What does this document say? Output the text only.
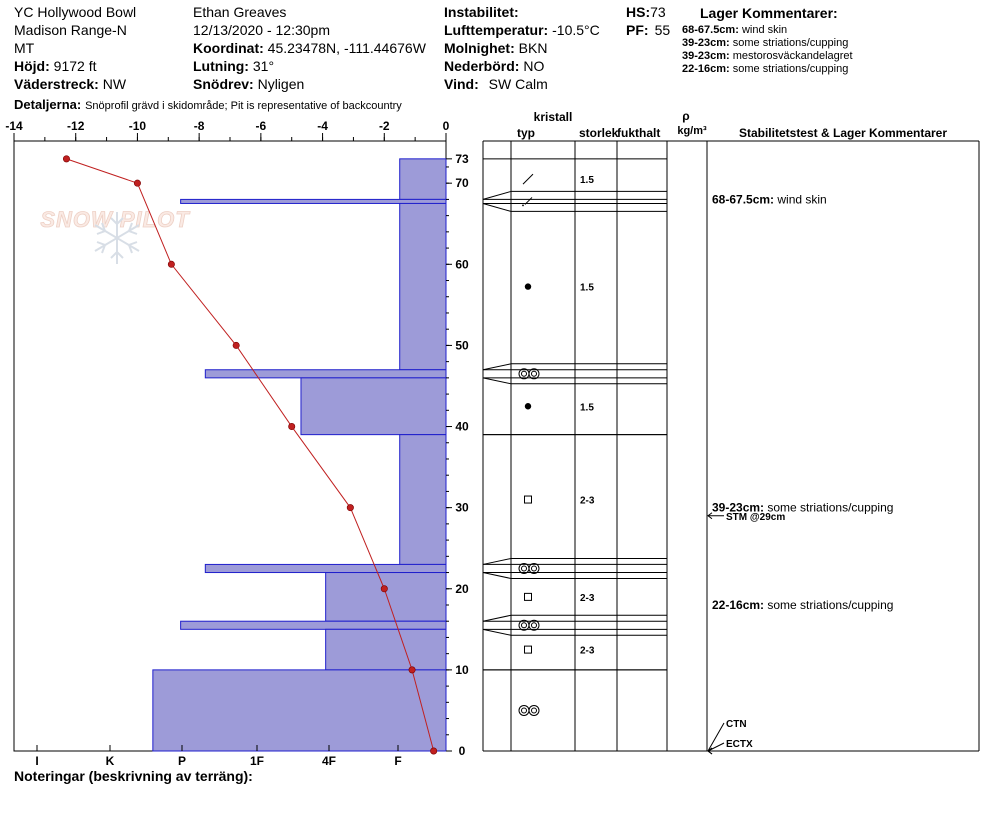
YC Hollywood Bowl
Madison Range-N
MT
Höjd: 9172 ft
Väderstreck: NW
Detaljerna: Snöprofil grävd i skidområde; Pit is representative of backcountry
Ethan Greaves
12/13/2020 - 12:30pm
Koordinat: 45.23478N, -111.44676W
Lutning: 31°
Snödrev: Nyligen
Instabilitet:
Lufttemperatur: -10.5°C
Molnighet: BKN
Nederbörd: NO
Vind: SW Calm
HS:73
PF: 55
Lager Kommentarer:
68-67.5cm: wind skin
39-23cm: some striations/cupping
39-23cm: mestorosväckandelagret
22-16cm: some striations/cupping
Noteringar (beskrivning av terräng):
SNOW PILOT
-14	-12	-10	-8	-6	-4	-2	0
0
10
20
30
40
50
60
70
73
I	K	P	1F	4F	F
kristall
typ	storlek
fukthalt
ρ
kg/m³	Stabilitetstest & Lager Kommentarer
1.5
1.5
1.5
2-3
2-3
2-3
68-67.5cm: wind skin
39-23cm: some striations/cupping
22-16cm: some striations/cupping
STM @29cm
CTN
ECTX
